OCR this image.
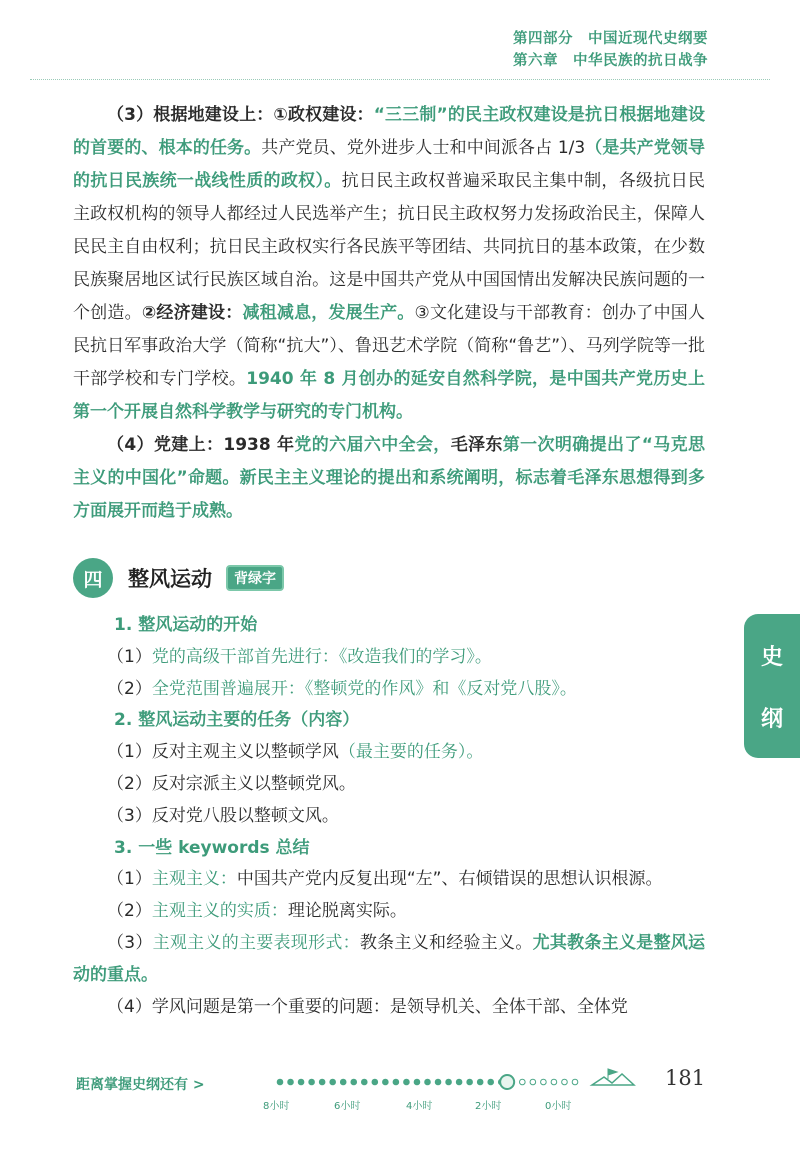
第四部分　中国近现代史纲要
第六章　中华民族的抗日战争

（3）根据地建设上：①政权建设：“三三制”的民主政权建设是抗日根据地建设的首要的、根本的任务。共产党员、党外进步人士和中间派各占 1/3（是共产党领导的抗日民族统一战线性质的政权）。抗日民主政权普遍采取民主集中制，各级抗日民主政权机构的领导人都经过人民选举产生；抗日民主政权努力发扬政治民主，保障人民民主自由权利；抗日民主政权实行各民族平等团结、共同抗日的基本政策，在少数民族聚居地区试行民族区域自治。这是中国共产党从中国国情出发解决民族问题的一个创造。②经济建设：减租减息，发展生产。③文化建设与干部教育：创办了中国人民抗日军事政治大学（简称“抗大”）、鲁迅艺术学院（简称“鲁艺”）、马列学院等一批干部学校和专门学校。1940 年 8 月创办的延安自然科学院，是中国共产党历史上第一个开展自然科学教学与研究的专门机构。

（4）党建上：1938 年党的六届六中全会，毛泽东第一次明确提出了“马克思主义的中国化”命题。新民主主义理论的提出和系统阐明，标志着毛泽东思想得到多方面展开而趋于成熟。

四	整风运动	背绿字

1. 整风运动的开始

（1）党的高级干部首先进行：《改造我们的学习》。

（2）全党范围普遍展开：《整顿党的作风》和《反对党八股》。

2. 整风运动主要的任务（内容）

（1）反对主观主义以整顿学风（最主要的任务）。

（2）反对宗派主义以整顿党风。

（3）反对党八股以整顿文风。

3. 一些 keywords 总结

（1）主观主义：中国共产党内反复出现“左”、右倾错误的思想认识根源。

（2）主观主义的实质：理论脱离实际。

（3）主观主义的主要表现形式：教条主义和经验主义。尤其教条主义是整风运动的重点。

（4）学风问题是第一个重要的问题：是领导机关、全体干部、全体党

史
纲
距离掌握史纲还有 >
8小时	6小时	4小时	2小时	0小时
181
